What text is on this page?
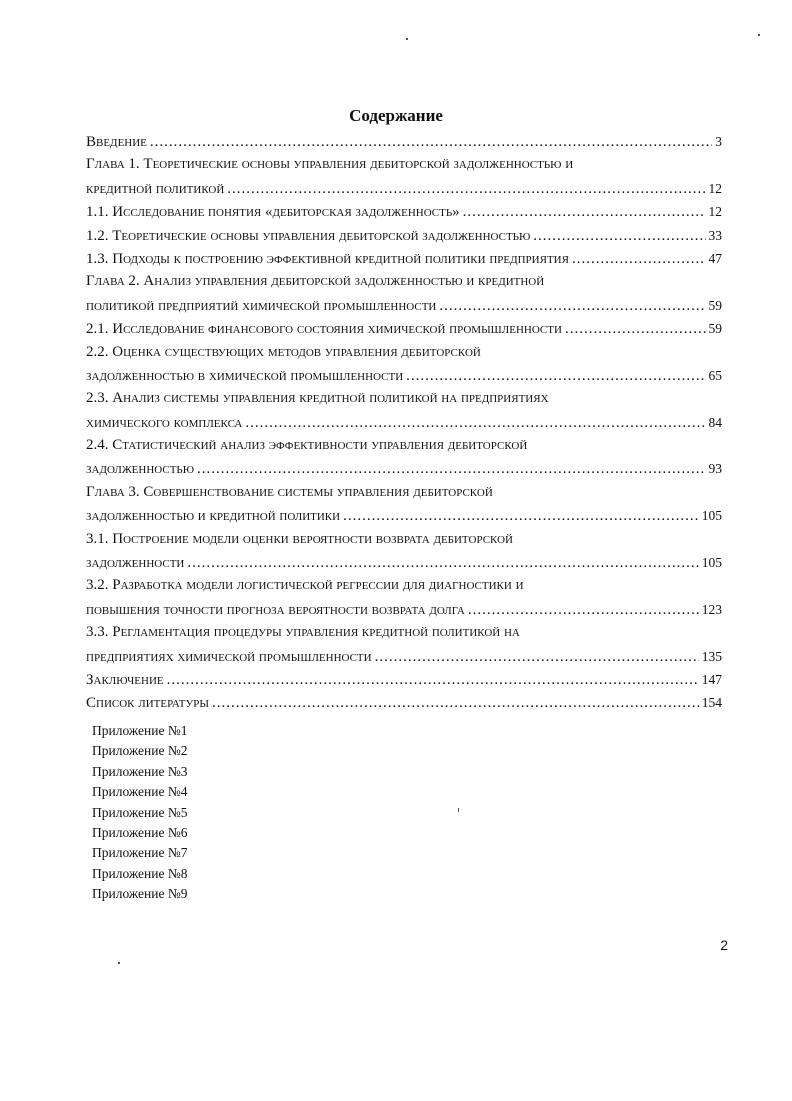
Содержание
Введение .....	3
Глава 1. Теоретические основы управления дебиторской задолженностью и
кредитной политикой .....	12
1.1. Исследование понятия «дебиторская задолженность» .....	12
1.2. Теоретические основы управления дебиторской задолженностью .....	33
1.3. Подходы к построению эффективной кредитной политики предприятия .....	47
Глава 2. Анализ управления дебиторской задолженностью и кредитной
политикой предприятий химической промышленности .....	59
2.1. Исследование финансового состояния химической промышленности .....	59
2.2. Оценка существующих методов управления дебиторской
задолженностью в химической промышленности .....	65
2.3. Анализ системы управления кредитной политикой на предприятиях
химического комплекса .....	84
2.4. Статистический анализ эффективности управления дебиторской
задолженностью .....	93
Глава 3. Совершенствование системы управления дебиторской
задолженностью и кредитной политики .....	105
3.1. Построение модели оценки вероятности возврата дебиторской
задолженности .....	105
3.2. Разработка модели логистической регрессии для диагностики и
повышения точности прогноза вероятности возврата долга .....	123
3.3. Регламентация процедуры управления кредитной политикой на
предприятиях химической промышленности .....	135
Заключение .....	147
Список литературы .....	154
Приложение №1
Приложение №2
Приложение №3
Приложение №4
Приложение №5
Приложение №6
Приложение №7
Приложение №8
Приложение №9
2
